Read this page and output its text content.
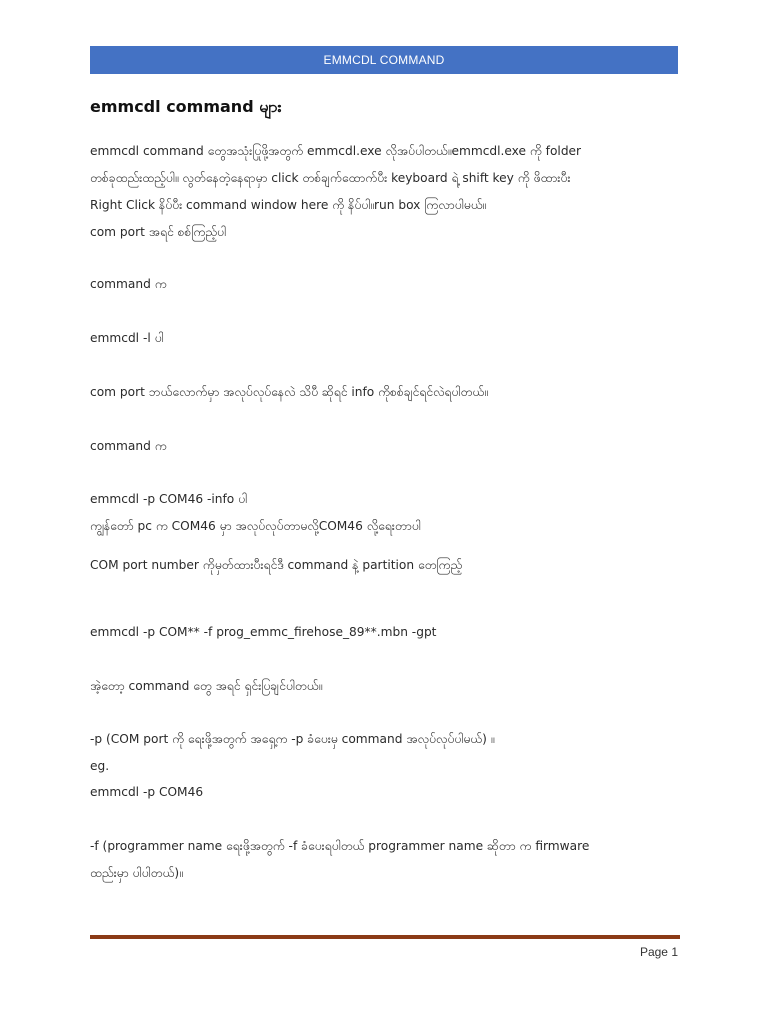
EMMCDL COMMAND
emmcdl command များ
emmcdl command တွေအသုံးပြုဖို့အတွက် emmcdl.exe လိုအပ်ပါတယ်။emmcdl.exe ကို folder
တစ်ခုထည်းထည့်ပါ။ လွတ်နေတဲ့နေရာမှာ click တစ်ချက်ထောက်ပီး keyboard ရဲ့ shift key ကို ဖိထားပီး
Right Click နိပ်ပီး command window here ကို နိပ်ပါ။run box ကြလာပါမယ်။
com port အရင် စစ်ကြည့်ပါ
command က
emmcdl -l ပါ
com port ဘယ်လောက်မှာ အလုပ်လုပ်နေလဲ သိပီ ဆိုရင် info ကိုစစ်ချင်ရင်လဲရပါတယ်။
command က
emmcdl -p COM46 -info ပါ
ကျွန်တော် pc က COM46 မှာ အလုပ်လုပ်တာမလို့COM46 လို့ရေးတာပါ
COM port number ကိုမှတ်ထားပီးရင်ဒီ command နဲ့ partition တေကြည့်
emmcdl -p COM** -f prog_emmc_firehose_89**.mbn -gpt
အဲ့တော့ command တွေ အရင် ရှင်းပြချင်ပါတယ်။
-p (COM port ကို ရေးဖို့အတွက် အရှေ့က -p ခံပေးမှ command အလုပ်လုပ်ပါမယ်) ။
eg.
emmcdl -p COM46
-f (programmer name ရေးဖို့အတွက် -f ခံပေးရပါတယ် programmer name ဆိုတာ က firmware
ထည်းမှာ ပါပါတယ်)။
Page 1
